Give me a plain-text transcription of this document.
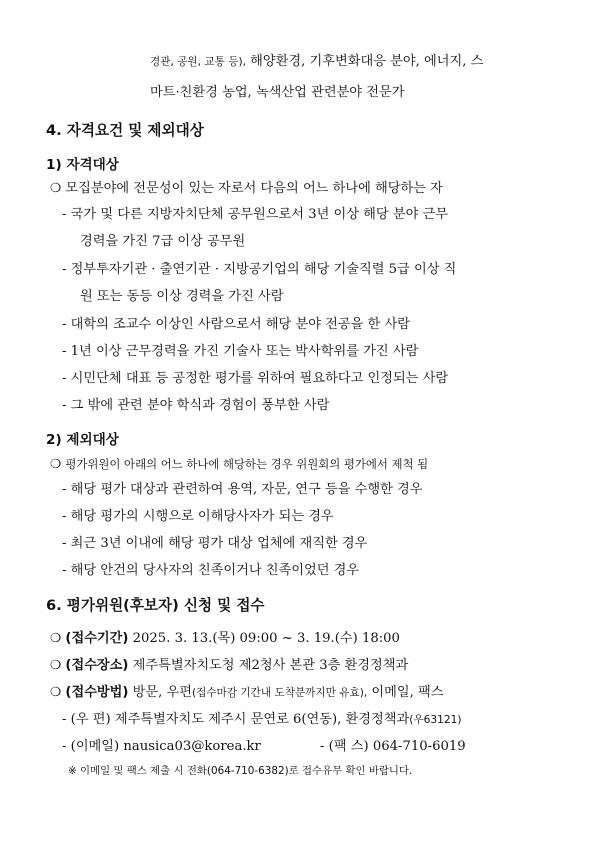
경관, 공원, 교통 등), 해양환경, 기후변화대응 분야, 에너지, 스
마트·친환경 농업, 녹색산업 관련분야 전문가
4. 자격요건 및 제외대상
1) 자격대상
❍ 모집분야에 전문성이 있는 자로서 다음의 어느 하나에 해당하는 자
- 국가 및 다른 지방자치단체 공무원으로서 3년 이상 해당 분야 근무
경력을 가진 7급 이상 공무원
- 정부투자기관 · 출연기관 · 지방공기업의 해당 기술직렬 5급 이상 직
원 또는 동등 이상 경력을 가진 사람
- 대학의 조교수 이상인 사람으로서 해당 분야 전공을 한 사람
- 1년 이상 근무경력을 가진 기술사 또는 박사학위를 가진 사람
- 시민단체 대표 등 공정한 평가를 위하여 필요하다고 인정되는 사람
- 그 밖에 관련 분야 학식과 경험이 풍부한 사람
2) 제외대상
❍ 평가위원이 아래의 어느 하나에 해당하는 경우 위원회의 평가에서 제척 됨
- 해당 평가 대상과 관련하여 용역, 자문, 연구 등을 수행한 경우
- 해당 평가의 시행으로 이해당사자가 되는 경우
- 최근 3년 이내에 해당 평가 대상 업체에 재직한 경우
- 해당 안건의 당사자의 친족이거나 친족이었던 경우
6. 평가위원(후보자) 신청 및 접수
❍ (접수기간) 2025. 3. 13.(목) 09:00 ~ 3. 19.(수) 18:00
❍ (접수장소) 제주특별자치도청 제2청사 본관 3층 환경정책과
❍ (접수방법) 방문, 우편(접수마감 기간내 도착분까지만 유효), 이메일, 팩스
- (우 편) 제주특별자치도 제주시 문연로 6(연동), 환경정책과(우63121)
- (이메일) nausica03@korea.kr	- (팩 스) 064-710-6019
※ 이메일 및 팩스 제출 시 전화(064-710-6382)로 접수유무 확인 바랍니다.
